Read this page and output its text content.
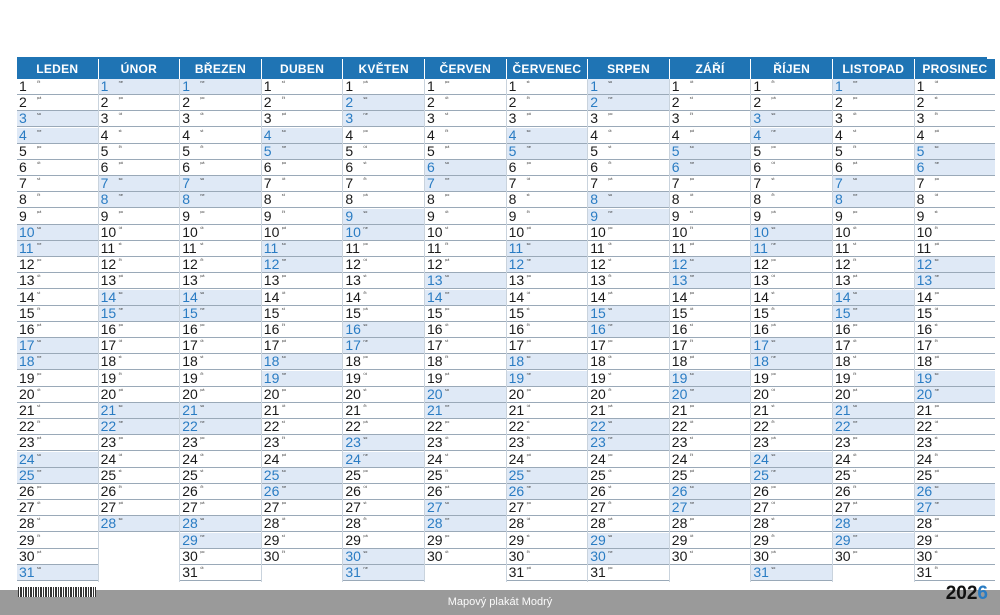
Mapový plakát Modrý	2026
LEDEN
1	čt
2	pá
3	so
4	ne
5	po
6	út
7	st
8	čt
9	pá
10 so
11 ne
12 po
13 út
14 st
15 čt
16 pá
17 so
18 ne
19 po
20 út
21 st
22 čt
23 pá
24 so
25 ne
26 po
27 út
28 st
29 čt
30 pá
31 so
ÚNOR
1	ne
2	po
3	út
4	st
5	čt
6	pá
7	so
8	ne
9	po
10 út
11 st
12 čt
13 pá
14 so
15 ne
16 po
17 út
18 st
19 čt
20 pá
21 so
22 ne
23 po
24 út
25 st
26 čt
27 pá
28 so
BŘEZEN
1	ne
2	po
3	út
4	st
5	čt
6	pá
7	so
8	ne
9	po
10 út
11 st
12 čt
13 pá
14 so
15 ne
16 po
17 út
18 st
19 čt
20 pá
21 so
22 ne
23 po
24 út
25 st
26 čt
27 pá
28 so
29 ne
30 po
31 út
DUBEN
1	st
2	čt
3	pá
4	so
5	ne
6	po
7	út
8	st
9	čt
10 pá
11 so
12 ne
13 po
14 út
15 st
16 čt
17 pá
18 so
19 ne
20 po
21 út
22 st
23 čt
24 pá
25 so
26 ne
27 po
28 út
29 st
30 čt
KVĚTEN
1	pá
2	so
3	ne
4	po
5	út
6	st
7	čt
8	pá
9	so
10 ne
11 po
12 út
13 st
14 čt
15 pá
16 so
17 ne
18 po
19 út
20 st
21 čt
22 pá
23 so
24 ne
25 po
26 út
27 st
28 čt
29 pá
30 so
31 ne
ČERVEN
1	po
2	út
3	st
4	čt
5	pá
6	so
7	ne
8	po
9	út
10 st
11 čt
12 pá
13 so
14 ne
15 po
16 út
17 st
18 čt
19 pá
20 so
21 ne
22 po
23 út
24 st
25 čt
26 pá
27 so
28 ne
29 po
30 út
ČERVENEC
1	st
2	čt
3	pá
4	so
5	ne
6	po
7	út
8	st
9	čt
10 pá
11 so
12 ne
13 po
14 út
15 st
16 čt
17 pá
18 so
19 ne
20 po
21 út
22 st
23 čt
24 pá
25 so
26 ne
27 po
28 út
29 st
30 čt
31 pá
SRPEN
1	so
2	ne
3	po
4	út
5	st
6	čt
7	pá
8	so
9	ne
10 po
11 út
12 st
13 čt
14 pá
15 so
16 ne
17 po
18 út
19 st
20 čt
21 pá
22 so
23 ne
24 po
25 út
26 st
27 čt
28 pá
29 so
30 ne
31 po
ZÁŘÍ
1	út
2	st
3	čt
4	pá
5	so
6	ne
7	po
8	út
9	st
10 čt
11 pá
12 so
13 ne
14 po
15 út
16 st
17 čt
18 pá
19 so
20 ne
21 po
22 út
23 st
24 čt
25 pá
26 so
27 ne
28 po
29 út
30 st
ŘÍJEN
1	čt
2	pá
3	so
4	ne
5	po
6	út
7	st
8	čt
9	pá
10 so
11 ne
12 po
13 út
14 st
15 čt
16 pá
17 so
18 ne
19 po
20 út
21 st
22 čt
23 pá
24 so
25 ne
26 po
27 út
28 st
29 čt
30 pá
31 so
LISTOPAD
1	ne
2	po
3	út
4	st
5	čt
6	pá
7	so
8	ne
9	po
10 út
11 st
12 čt
13 pá
14 so
15 ne
16 po
17 út
18 st
19 čt
20 pá
21 so
22 ne
23 po
24 út
25 st
26 čt
27 pá
28 so
29 ne
30 po
PROSINEC
1	út
2	st
3	čt
4	pá
5	so
6	ne
7	po
8	út
9	st
10 čt
11 pá
12 so
13 ne
14 po
15 út
16 st
17 čt
18 pá
19 so
20 ne
21 po
22 út
23 st
24 čt
25 pá
26 so
27 ne
28 po
29 út
30 st
31 čt
